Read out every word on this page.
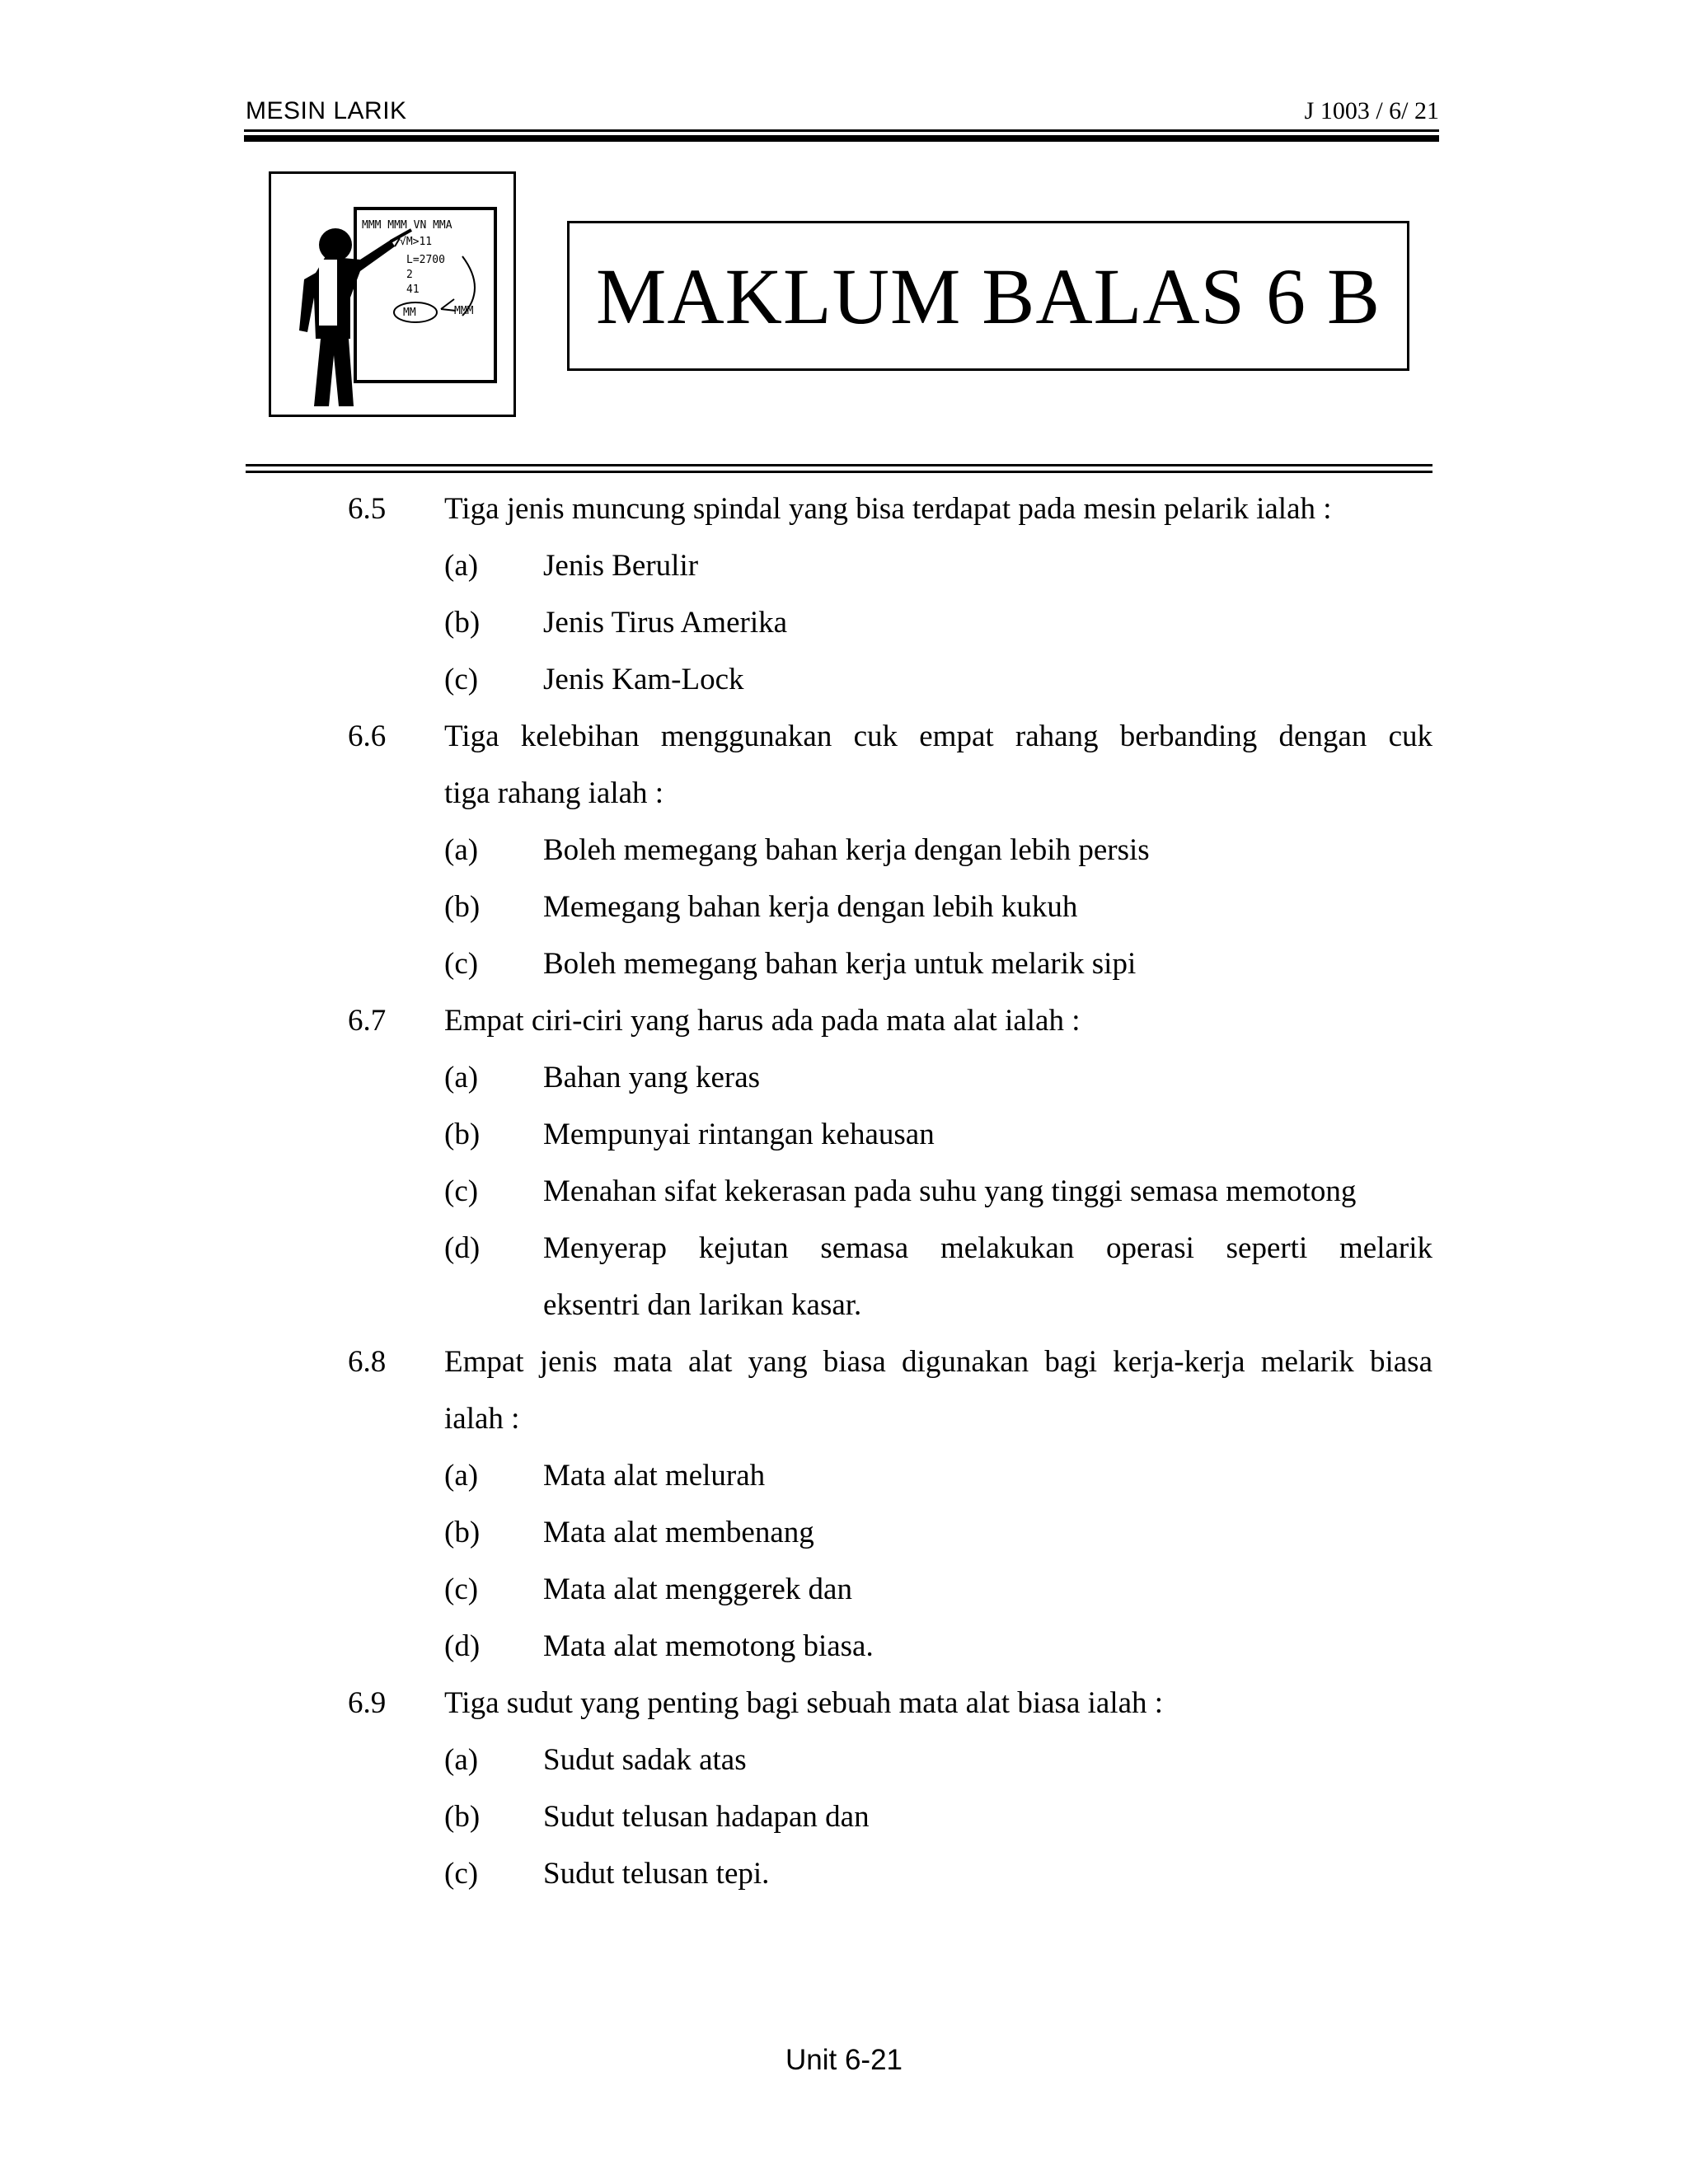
MESIN LARIK	J 1003 / 6/ 21
MMM MMM VN MMA
√M>11
L=2700
2
41
MMM
MM MAKLUM BALAS 6 B
6.5 Tiga jenis muncung spindal yang bisa terdapat pada mesin pelarik ialah :
(a) Jenis Berulir
(b) Jenis Tirus Amerika
(c) Jenis Kam-Lock
6.6 Tiga kelebihan menggunakan cuk empat rahang berbanding dengan cuk
tiga rahang ialah :
(a) Boleh memegang bahan kerja dengan lebih persis
(b) Memegang bahan kerja dengan lebih kukuh
(c) Boleh memegang bahan kerja untuk melarik sipi
6.7 Empat ciri-ciri yang harus ada pada mata alat ialah :
(a) Bahan yang keras
(b) Mempunyai rintangan kehausan
(c) Menahan sifat kekerasan pada suhu yang tinggi semasa memotong
(d) Menyerap kejutan semasa melakukan operasi seperti melarik
eksentri dan larikan kasar.
6.8 Empat jenis mata alat yang biasa digunakan bagi kerja-kerja melarik biasa
ialah :
(a) Mata alat melurah
(b) Mata alat membenang
(c) Mata alat menggerek dan
(d) Mata alat memotong biasa.
6.9 Tiga sudut yang penting bagi sebuah mata alat biasa ialah :
(a) Sudut sadak atas
(b) Sudut telusan hadapan dan
(c) Sudut telusan tepi.
Unit 6-21
